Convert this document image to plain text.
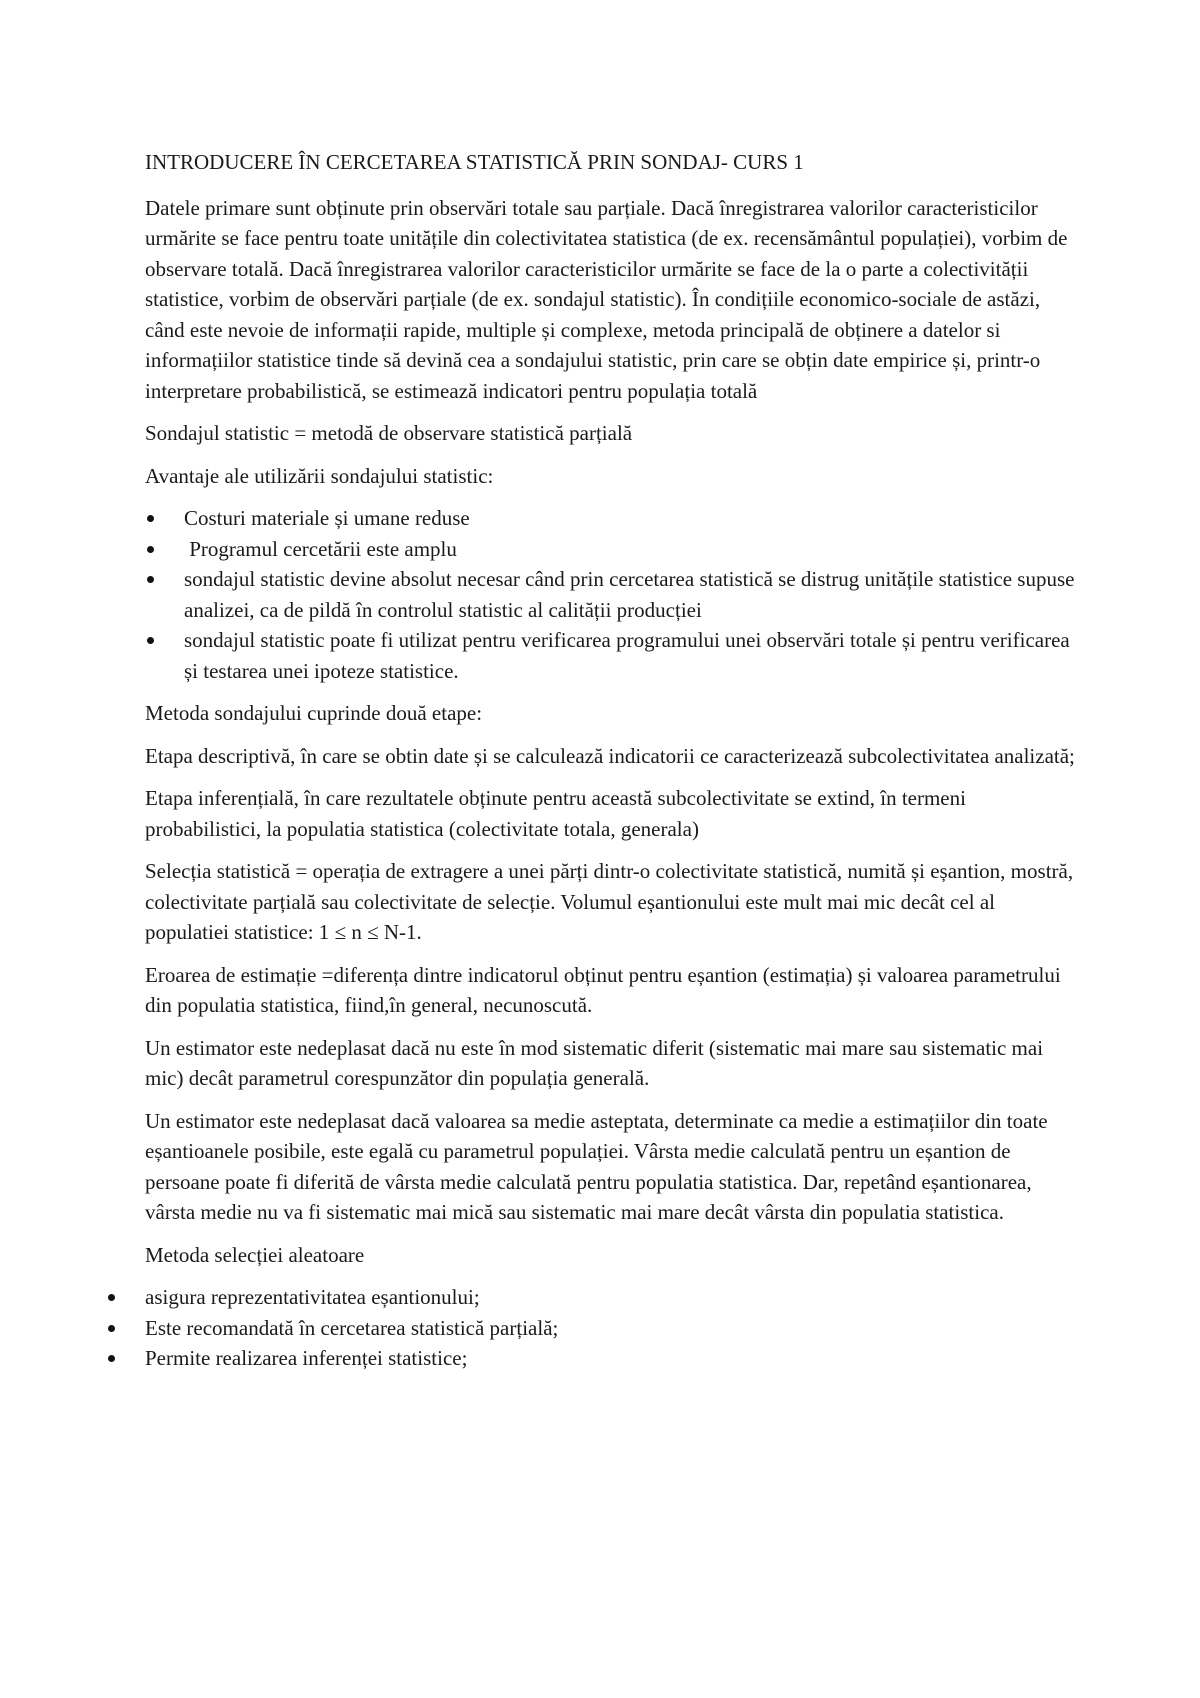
INTRODUCERE ÎN CERCETAREA STATISTICĂ PRIN SONDAJ- CURS 1

Datele primare sunt obținute prin observări totale sau parțiale. Dacă înregistrarea valorilor caracteristicilor urmărite se face pentru toate unitățile din colectivitatea statistica (de ex. recensământul populației), vorbim de observare totală. Dacă înregistrarea valorilor caracteristicilor urmărite se face de la o parte a colectivității statistice, vorbim de observări parțiale (de ex. sondajul statistic). În condițiile economico-sociale de astăzi, când este nevoie de informații rapide, multiple și complexe, metoda principală de obținere a datelor si informațiilor statistice tinde să devină cea a sondajului statistic, prin care se obțin date empirice și, printr-o interpretare probabilistică, se estimează indicatori pentru populația totală

Sondajul statistic = metodă de observare statistică parțială

Avantaje ale utilizării sondajului statistic:

Costuri materiale și umane reduse
Programul cercetării este amplu
sondajul statistic devine absolut necesar când prin cercetarea statistică se distrug unitățile statistice supuse analizei, ca de pildă în controlul statistic al calității producției
sondajul statistic poate fi utilizat pentru verificarea programului unei observări totale și pentru verificarea și testarea unei ipoteze statistice.

Metoda sondajului cuprinde două etape:

Etapa descriptivă, în care se obtin date și se calculează indicatorii ce caracterizează subcolectivitatea analizată;

Etapa inferențială, în care rezultatele obținute pentru această subcolectivitate se extind, în termeni probabilistici, la populatia statistica (colectivitate totala, generala)

Selecția statistică = operația de extragere a unei părți dintr-o colectivitate statistică, numită și eșantion, mostră, colectivitate parțială sau colectivitate de selecție. Volumul eșantionului este mult mai mic decât cel al populatiei statistice: 1 ≤ n ≤ N-1.

Eroarea de estimație =diferența dintre indicatorul obținut pentru eșantion (estimația) și valoarea parametrului din populatia statistica, fiind,în general, necunoscută.

Un estimator este nedeplasat dacă nu este în mod sistematic diferit (sistematic mai mare sau sistematic mai mic) decât parametrul corespunzător din populația generală.

Un estimator este nedeplasat dacă valoarea sa medie asteptata, determinate ca medie a estimațiilor din toate eșantioanele posibile, este egală cu parametrul populației. Vârsta medie calculată pentru un eșantion de persoane poate fi diferită de vârsta medie calculată pentru populatia statistica. Dar, repetând eșantionarea, vârsta medie nu va fi sistematic mai mică sau sistematic mai mare decât vârsta din populatia statistica.

Metoda selecției aleatoare

asigura reprezentativitatea eșantionului;
Este recomandată în cercetarea statistică parțială;
Permite realizarea inferenței statistice;
